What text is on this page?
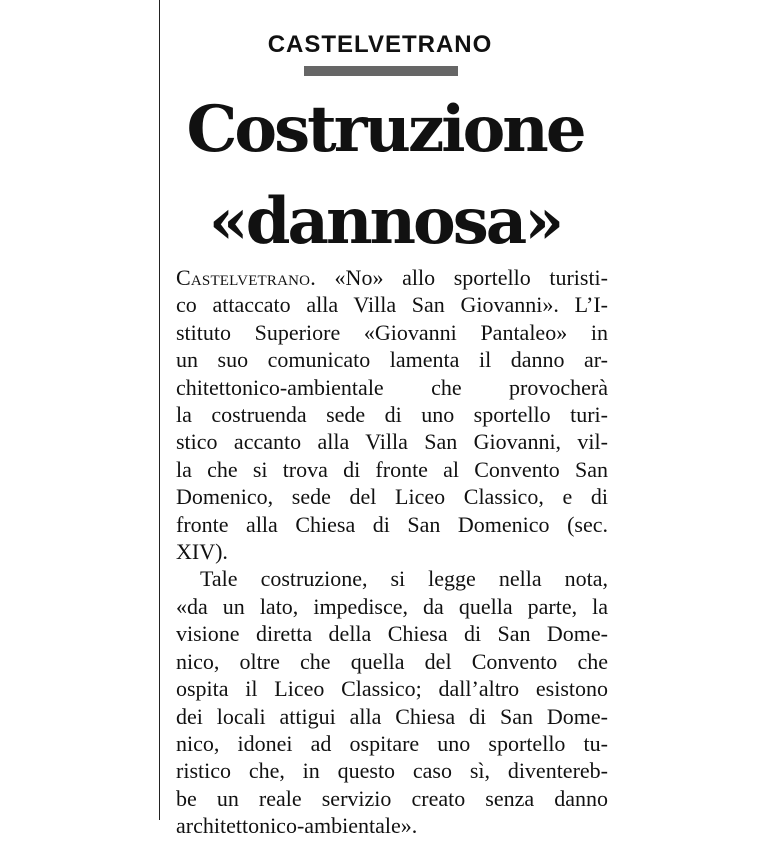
CASTELVETRANO
Costruzione
«dannosa»
Castelvetrano. «No» allo sportello turisti-
co attaccato alla Villa San Giovanni». L’I-
stituto Superiore «Giovanni Pantaleo» in
un suo comunicato lamenta il danno ar-
chitettonico-ambientale che provocherà
la costruenda sede di uno sportello turi-
stico accanto alla Villa San Giovanni, vil-
la che si trova di fronte al Convento San
Domenico, sede del Liceo Classico, e di
fronte alla Chiesa di San Domenico (sec.
XIV).
Tale costruzione, si legge nella nota,
«da un lato, impedisce, da quella parte, la
visione diretta della Chiesa di San Dome-
nico, oltre che quella del Convento che
ospita il Liceo Classico; dall’altro esistono
dei locali attigui alla Chiesa di San Dome-
nico, idonei ad ospitare uno sportello tu-
ristico che, in questo caso sì, diventereb-
be un reale servizio creato senza danno
architettonico-ambientale».
